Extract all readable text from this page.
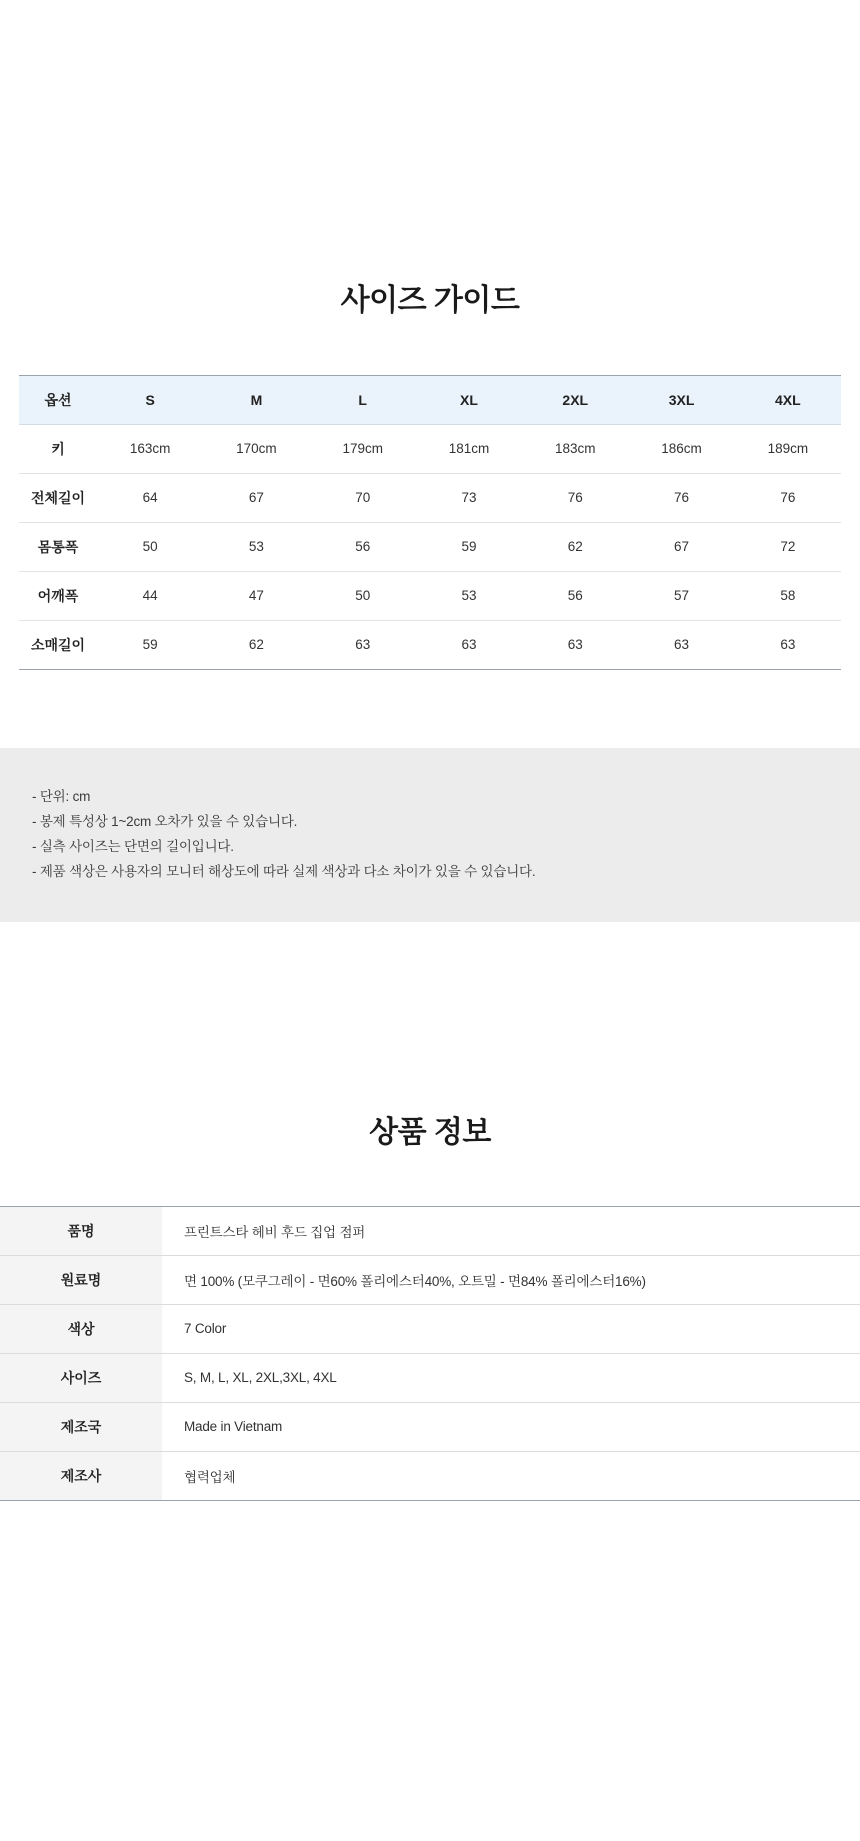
사이즈 가이드
옵션	S	M	L	XL	2XL	3XL	4XL
키	163cm	170cm	179cm	181cm	183cm	186cm	189cm
전체길이	64	67	70	73	76	76	76
몸통폭	50	53	56	59	62	67	72
어깨폭	44	47	50	53	56	57	58
소매길이	59	62	63	63	63	63	63
- 단위: cm
- 봉제 특성상 1~2cm 오차가 있을 수 있습니다.
- 실측 사이즈는 단면의 길이입니다.
- 제품 색상은 사용자의 모니터 해상도에 따라 실제 색상과 다소 차이가 있을 수 있습니다.
상품 정보
품명	프린트스타 헤비 후드 집업 점퍼
원료명	면 100% (모쿠그레이 - 면60% 폴리에스터40%, 오트밀 - 면84% 폴리에스터16%)
색상	7 Color
사이즈	S, M, L, XL, 2XL,3XL, 4XL
제조국	Made in Vietnam
제조사	협력업체
